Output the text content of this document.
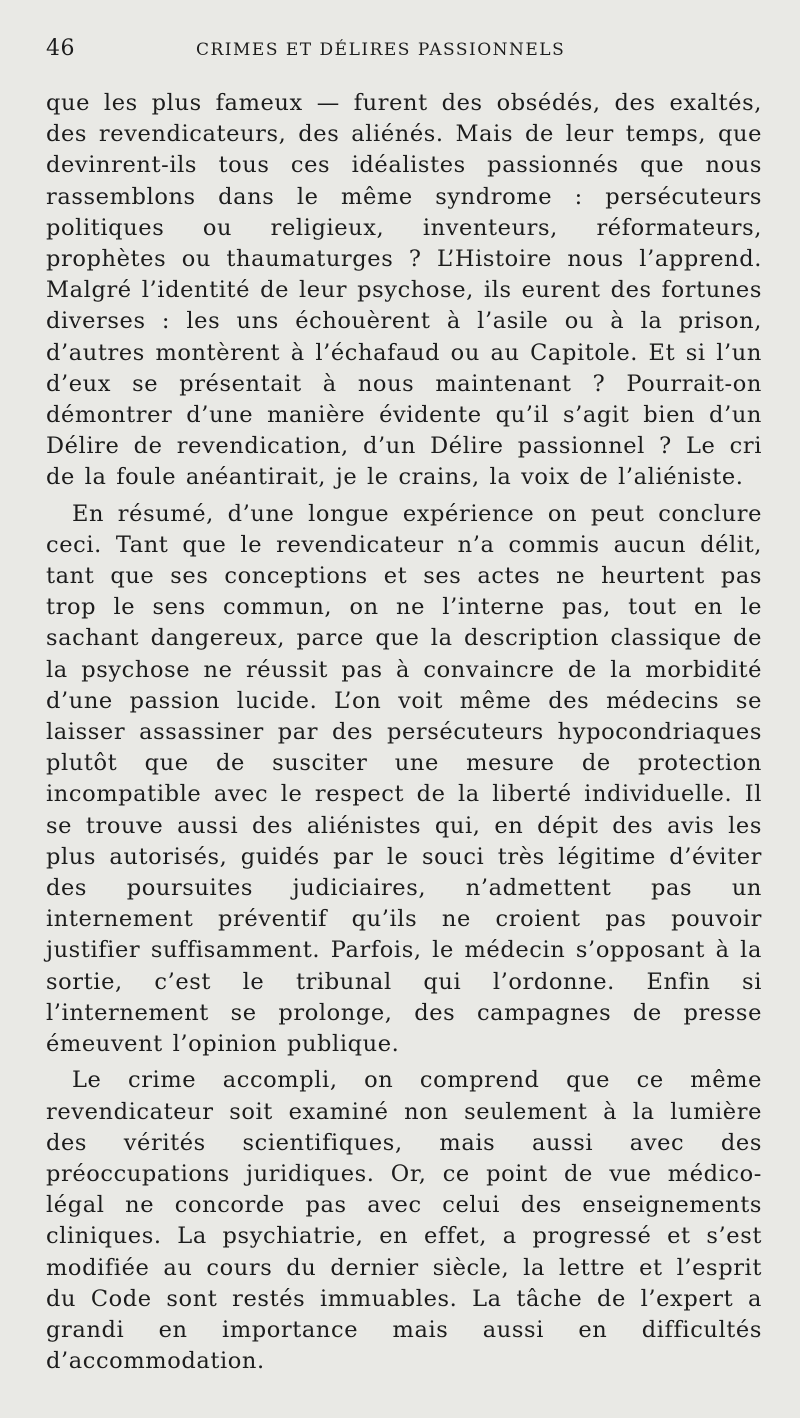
46	CRIMES ET DÉLIRES PASSIONNELS

que les plus fameux — furent des obsédés, des exaltés, des revendicateurs, des aliénés. Mais de leur temps, que devinrent-ils tous ces idéalistes passionnés que nous rassemblons dans le même syndrome : persécuteurs politiques ou religieux, inventeurs, réformateurs, prophètes ou thaumaturges ? L’Histoire nous l’apprend. Malgré l’identité de leur psychose, ils eurent des fortunes diverses : les uns échouèrent à l’asile ou à la prison, d’autres montèrent à l’échafaud ou au Capitole. Et si l’un d’eux se présentait à nous maintenant ? Pourrait-on démontrer d’une manière évidente qu’il s’agit bien d’un Délire de revendication, d’un Délire passionnel ? Le cri de la foule anéantirait, je le crains, la voix de l’aliéniste.

En résumé, d’une longue expérience on peut conclure ceci. Tant que le revendicateur n’a commis aucun délit, tant que ses conceptions et ses actes ne heurtent pas trop le sens commun, on ne l’interne pas, tout en le sachant dangereux, parce que la description classique de la psychose ne réussit pas à convaincre de la morbidité d’une passion lucide. L’on voit même des médecins se laisser assassiner par des persécuteurs hypocondriaques plutôt que de susciter une mesure de protection incompatible avec le respect de la liberté individuelle. Il se trouve aussi des aliénistes qui, en dépit des avis les plus autorisés, guidés par le souci très légitime d’éviter des poursuites judiciaires, n’admettent pas un internement préventif qu’ils ne croient pas pouvoir justifier suffisamment. Parfois, le médecin s’opposant à la sortie, c’est le tribunal qui l’ordonne. Enfin si l’internement se prolonge, des campagnes de presse émeuvent l’opinion publique.

Le crime accompli, on comprend que ce même revendicateur soit examiné non seulement à la lumière des vérités scientifiques, mais aussi avec des préoccupations juridiques. Or, ce point de vue médico-légal ne concorde pas avec celui des enseignements cliniques. La psychiatrie, en effet, a progressé et s’est modifiée au cours du dernier siècle, la lettre et l’esprit du Code sont restés immuables. La tâche de l’expert a grandi en importance mais aussi en difficultés d’accommodation.
